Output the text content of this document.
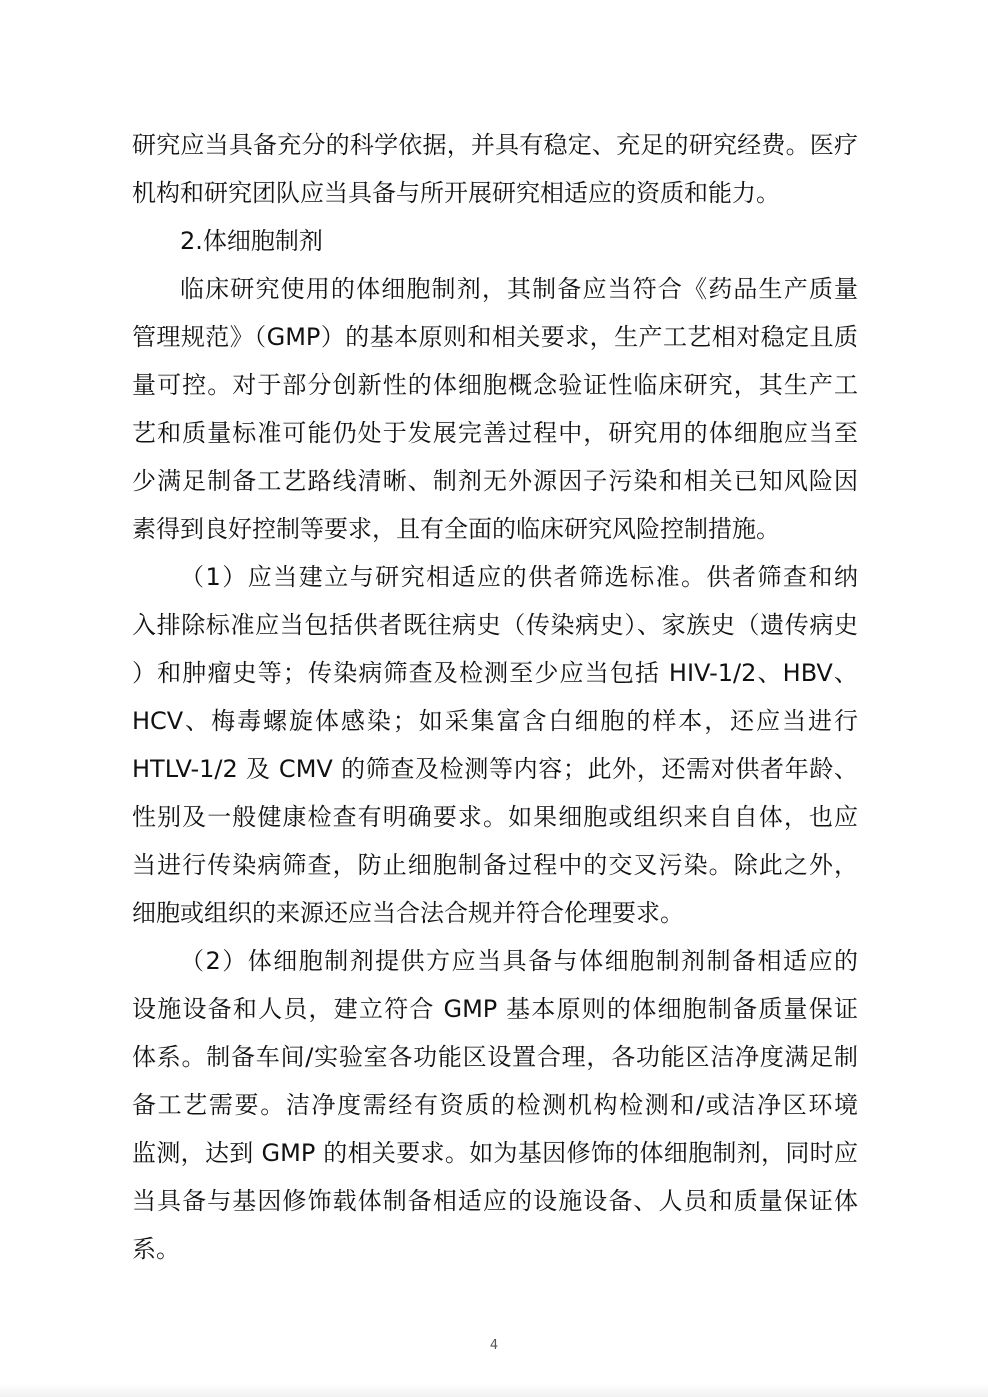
研究应当具备充分的科学依据，并具有稳定、充足的研究经费。医疗
机构和研究团队应当具备与所开展研究相适应的资质和能力。
2.体细胞制剂
临床研究使用的体细胞制剂，其制备应当符合《药品生产质量
管理规范》（GMP）的基本原则和相关要求，生产工艺相对稳定且质
量可控。对于部分创新性的体细胞概念验证性临床研究，其生产工
艺和质量标准可能仍处于发展完善过程中，研究用的体细胞应当至
少满足制备工艺路线清晰、制剂无外源因子污染和相关已知风险因
素得到良好控制等要求，且有全面的临床研究风险控制措施。
（1）应当建立与研究相适应的供者筛选标准。供者筛查和纳
入排除标准应当包括供者既往病史（传染病史）、家族史（遗传病史
）和肿瘤史等；传染病筛查及检测至少应当包括 HIV-1/2、HBV、
HCV、梅毒螺旋体感染；如采集富含白细胞的样本，还应当进行
HTLV-1/2 及 CMV 的筛查及检测等内容；此外，还需对供者年龄、
性别及一般健康检查有明确要求。如果细胞或组织来自自体，也应
当进行传染病筛查，防止细胞制备过程中的交叉污染。除此之外，
细胞或组织的来源还应当合法合规并符合伦理要求。
（2）体细胞制剂提供方应当具备与体细胞制剂制备相适应的
设施设备和人员，建立符合 GMP 基本原则的体细胞制备质量保证
体系。制备车间/实验室各功能区设置合理，各功能区洁净度满足制
备工艺需要。洁净度需经有资质的检测机构检测和/或洁净区环境
监测，达到 GMP 的相关要求。如为基因修饰的体细胞制剂，同时应
当具备与基因修饰载体制备相适应的设施设备、人员和质量保证体
系。
4
